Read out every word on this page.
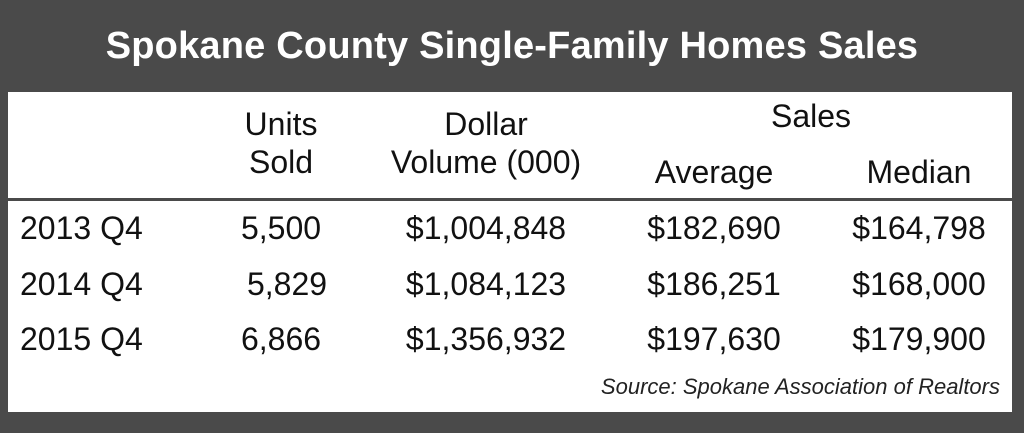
Spokane County Single-Family Homes Sales
Units
Sold
Dollar
Volume (000)
Sales
Average	Median
2013 Q4	5,500	$1,004,848	$182,690 $164,798
2014 Q4	5,829 $1,084,123	$186,251 $168,000
2015 Q4	6,866	$1,356,932	$197,630 $179,900
Source: Spokane Association of Realtors
